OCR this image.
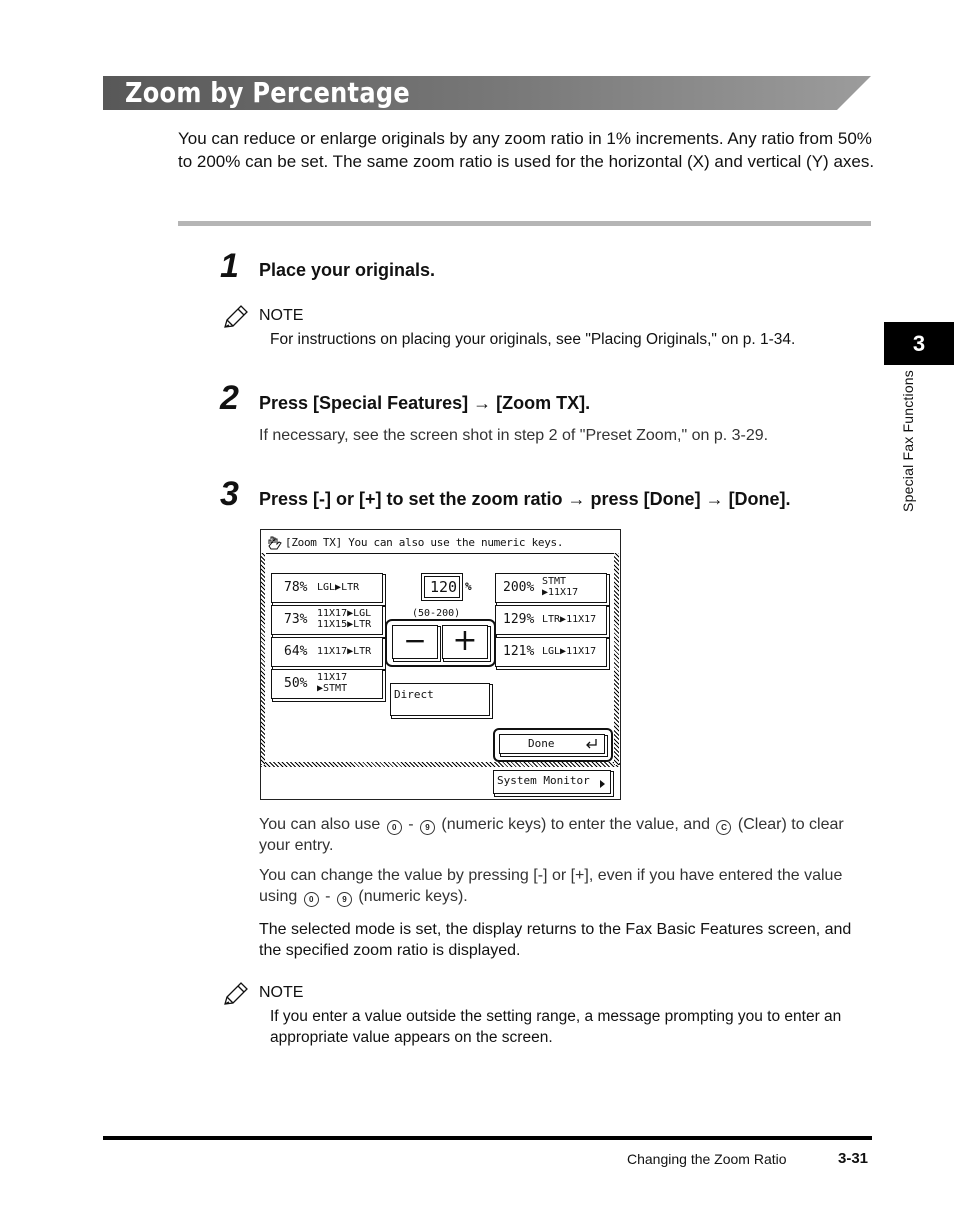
Zoom by Percentage
You can reduce or enlarge originals by any zoom ratio in 1% increments. Any ratio from 50% to 200% can be set. The same zoom ratio is used for the horizontal (X) and vertical (Y) axes.
3
Special Fax Functions
1 Place your originals.
NOTE
For instructions on placing your originals, see "Placing Originals," on p. 1-34.
2 Press [Special Features] → [Zoom TX].
If necessary, see the screen shot in step 2 of "Preset Zoom," on p. 3-29.
3 Press [-] or [+] to set the zoom ratio → press [Done] → [Done].
[Zoom TX] You can also use the numeric keys.
78% LGL▶LTR
73% 11X17▶LGL
11X15▶LTR
64% 11X17▶LTR
50% 11X17
▶STMT
120 %
(50-200)
− +
200% STMT
▶11X17
129% LTR▶11X17
121% LGL▶11X17
Direct
Done
System Monitor
You can also use 0 - 9 (numeric keys) to enter the value, and C (Clear) to clear your entry.
You can change the value by pressing [-] or [+], even if you have entered the value using 0 - 9 (numeric keys).
The selected mode is set, the display returns to the Fax Basic Features screen, and the specified zoom ratio is displayed.
NOTE
If you enter a value outside the setting range, a message prompting you to enter an appropriate value appears on the screen.
Changing the Zoom Ratio	3-31
